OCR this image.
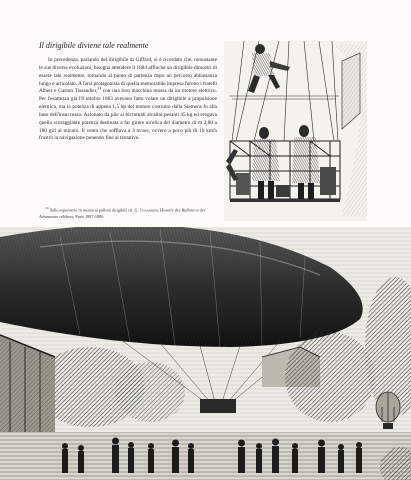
Il dirigibile diviene tale realmente

In precedenza, parlando del dirigibile di Giffard, si è ricordato che, nonostante le sue diverse evoluzioni, bisogna attendere il 1884 affinché un dirigibile dimostri di essere tale realmente, tornando al punto di partenza dopo un percorso abbastanza lungo e articolato. A farsi protagonista di quella memorabile impresa furono i fratelli Albert e Gaston Tissandier,$^{14}$ con una loro macchina mossa da un motore elettrico. Per l'esattezza già l'8 ottobre 1883 avevano fatto volare un dirigibile a propulsione elettrica, ma la potenza di appena 1,5 hp del motore costruito dalla Siemens fu alla base dell'insuccesso. Azionato da pile ai bicromati alcalini pesanti 45 kg ed erogava quella scoraggiante potenza destinata a far girare un'elica del diametro di m 2,80 a 180 giri al minuto. Il vento che soffiava a 3 m/sec, ovvero a poco più di 10 km/h frustrò la navigazione ponendo fine al tentativo.

$^{14}$ Sulle esperienze in merito ai palloni dirigibili cfr. G. Tissandier, Histoire des Ballons et des Aéronautes célèbres, Paris 1887-1890.
